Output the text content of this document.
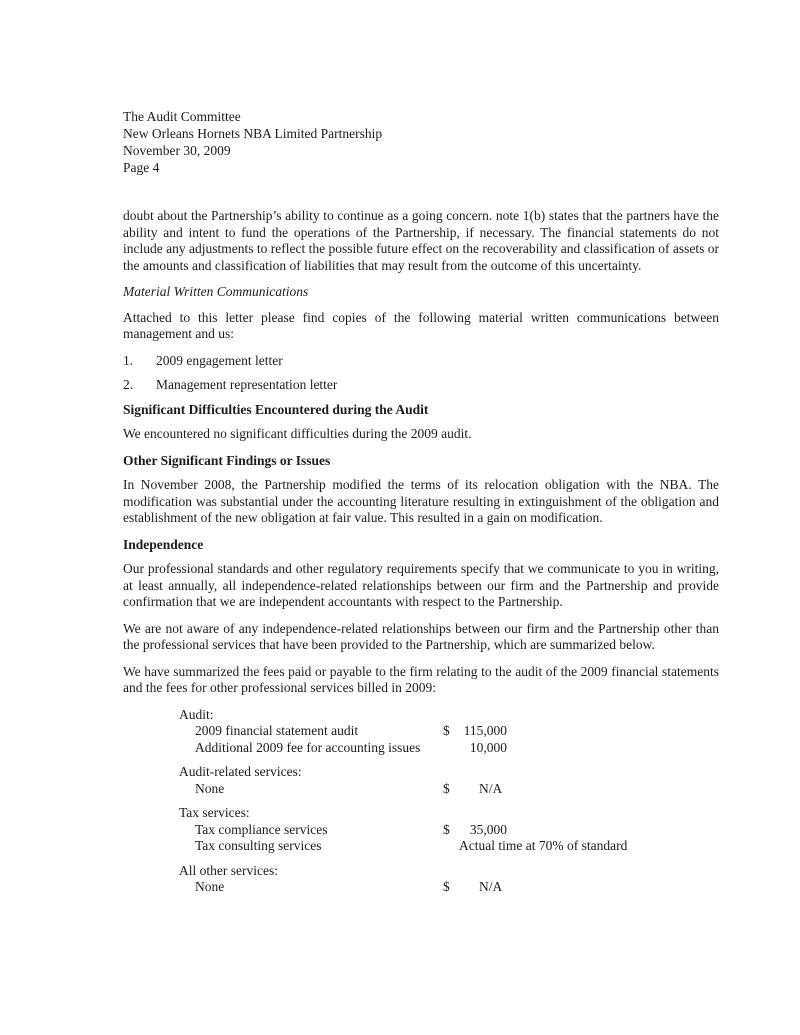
The Audit Committee
New Orleans Hornets NBA Limited Partnership
November 30, 2009
Page 4

doubt about the Partnership’s ability to continue as a going concern. note 1(b) states that the partners have the ability and intent to fund the operations of the Partnership, if necessary. The financial statements do not include any adjustments to reflect the possible future effect on the recoverability and classification of assets or the amounts and classification of liabilities that may result from the outcome of this uncertainty.

Material Written Communications

Attached to this letter please find copies of the following material written communications between management and us:

1.	2009 engagement letter
2.	Management representation letter
Significant Difficulties Encountered during the Audit

We encountered no significant difficulties during the 2009 audit.

Other Significant Findings or Issues

In November 2008, the Partnership modified the terms of its relocation obligation with the NBA. The modification was substantial under the accounting literature resulting in extinguishment of the obligation and establishment of the new obligation at fair value. This resulted in a gain on modification.

Independence

Our professional standards and other regulatory requirements specify that we communicate to you in writing, at least annually, all independence-related relationships between our firm and the Partnership and provide confirmation that we are independent accountants with respect to the Partnership.

We are not aware of any independence-related relationships between our firm and the Partnership other than the professional services that have been provided to the Partnership, which are summarized below.

We have summarized the fees paid or payable to the firm relating to the audit of the 2009 financial statements and the fees for other professional services billed in 2009:

Audit:
2009 financial statement audit	$	115,000
Additional 2009 fee for accounting issues	10,000
Audit-related services:
None	$ N/A
Tax services:
Tax compliance services	$	35,000
Tax consulting services	Actual time at 70% of standard
All other services:
None	$ N/A
